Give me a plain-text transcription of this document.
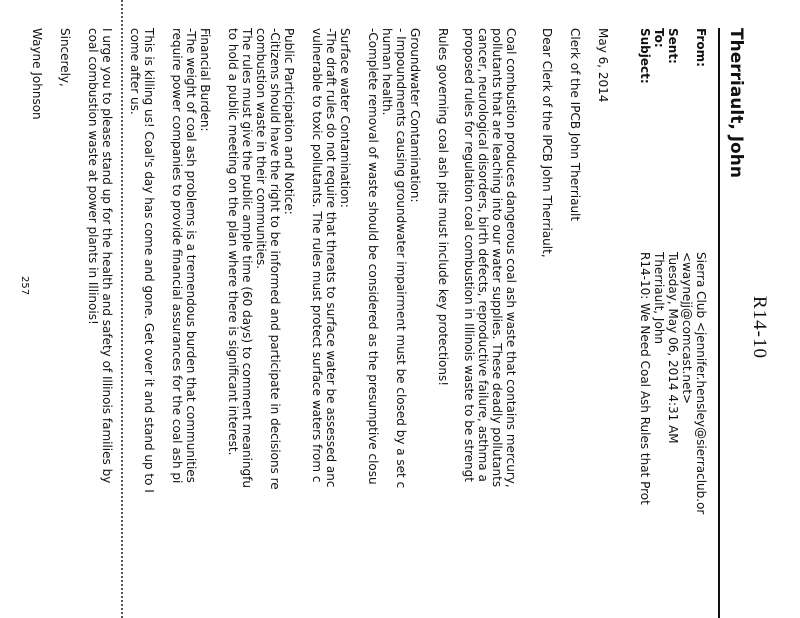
R14-10
Therriault, John
From:
Sierra Club <jennifer.hensley@sierraclub.or
<waynejj@comcast.net>
Sent:
Tuesday, May 06, 2014 4:31 AM
To:
Therriault, John
Subject:
R14-10: We Need Coal Ash Rules that Prot
May 6, 2014
Clerk of the IPCB John Therriault
Dear Clerk of the IPCB John Therriault,
Coal combustion produces dangerous coal ash waste that contains mercury,
pollutants that are leaching into our water supplies. These deadly pollutants
cancer, neurological disorders, birth defects, reproductive failure, asthma a
proposed rules for regulation coal combustion in Illinois waste to be strengt
Rules governing coal ash pits must include key protections!
Groundwater Contamination:
- Impoundments causing groundwater impairment must be closed by a set c
human health.
-Complete removal of waste should be considered as the presumptive closu
Surface water Contamination:
-The draft rules do not require that threats to surface water be assessed anc
vulnerable to toxic pollutants. The rules must protect surface waters from c
Public Participation and Notice:
-Citizens should have the right to be informed and participate in decisions re
combustion waste in their communities.
The rules must give the public ample time (60 days) to comment meaningfu
to hold a public meeting on the plan where there is significant interest.
Financial Burden:
-The weight of coal ash problems is a tremendous burden that communities
require power companies to provide financial assurances for the coal ash pi
This is killing us! Coal's day has come and gone. Get over it and stand up to I
come after us.
I urge you to please stand up for the health and safety of Illinois families by
coal combustion waste at power plants in Illinois!
Sincerely,
Wayne Johnson
257
